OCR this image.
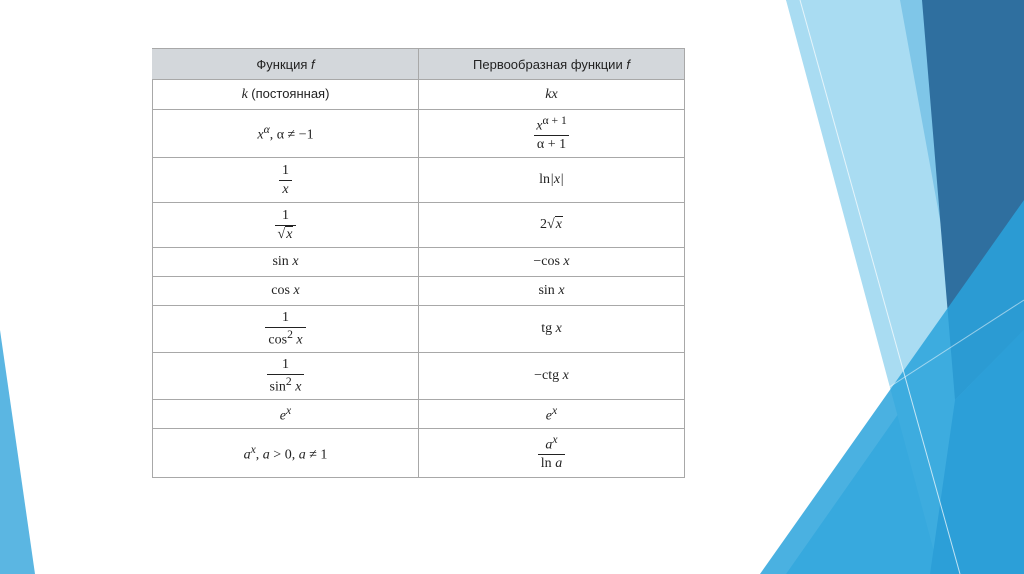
Функция f	Первообразная функции f
k (постоянная)	kx
$x^\alpha$, α ≠ −1	$\frac{x^{\alpha + 1}}{\alpha + 1}$

$\frac{1}{x}$	ln|x|

$\frac{1}{√x}$	2√x
sin x	−cos x
cos x	sin x

$\frac{1}{\cos^2 x}$	tg x

$\frac{1}{\sin^2 x}$	−ctg x
$e^x$	$e^x$
$a^x$, a > 0, a ≠ 1	$\frac{a^x}{\text{ln a}}$
